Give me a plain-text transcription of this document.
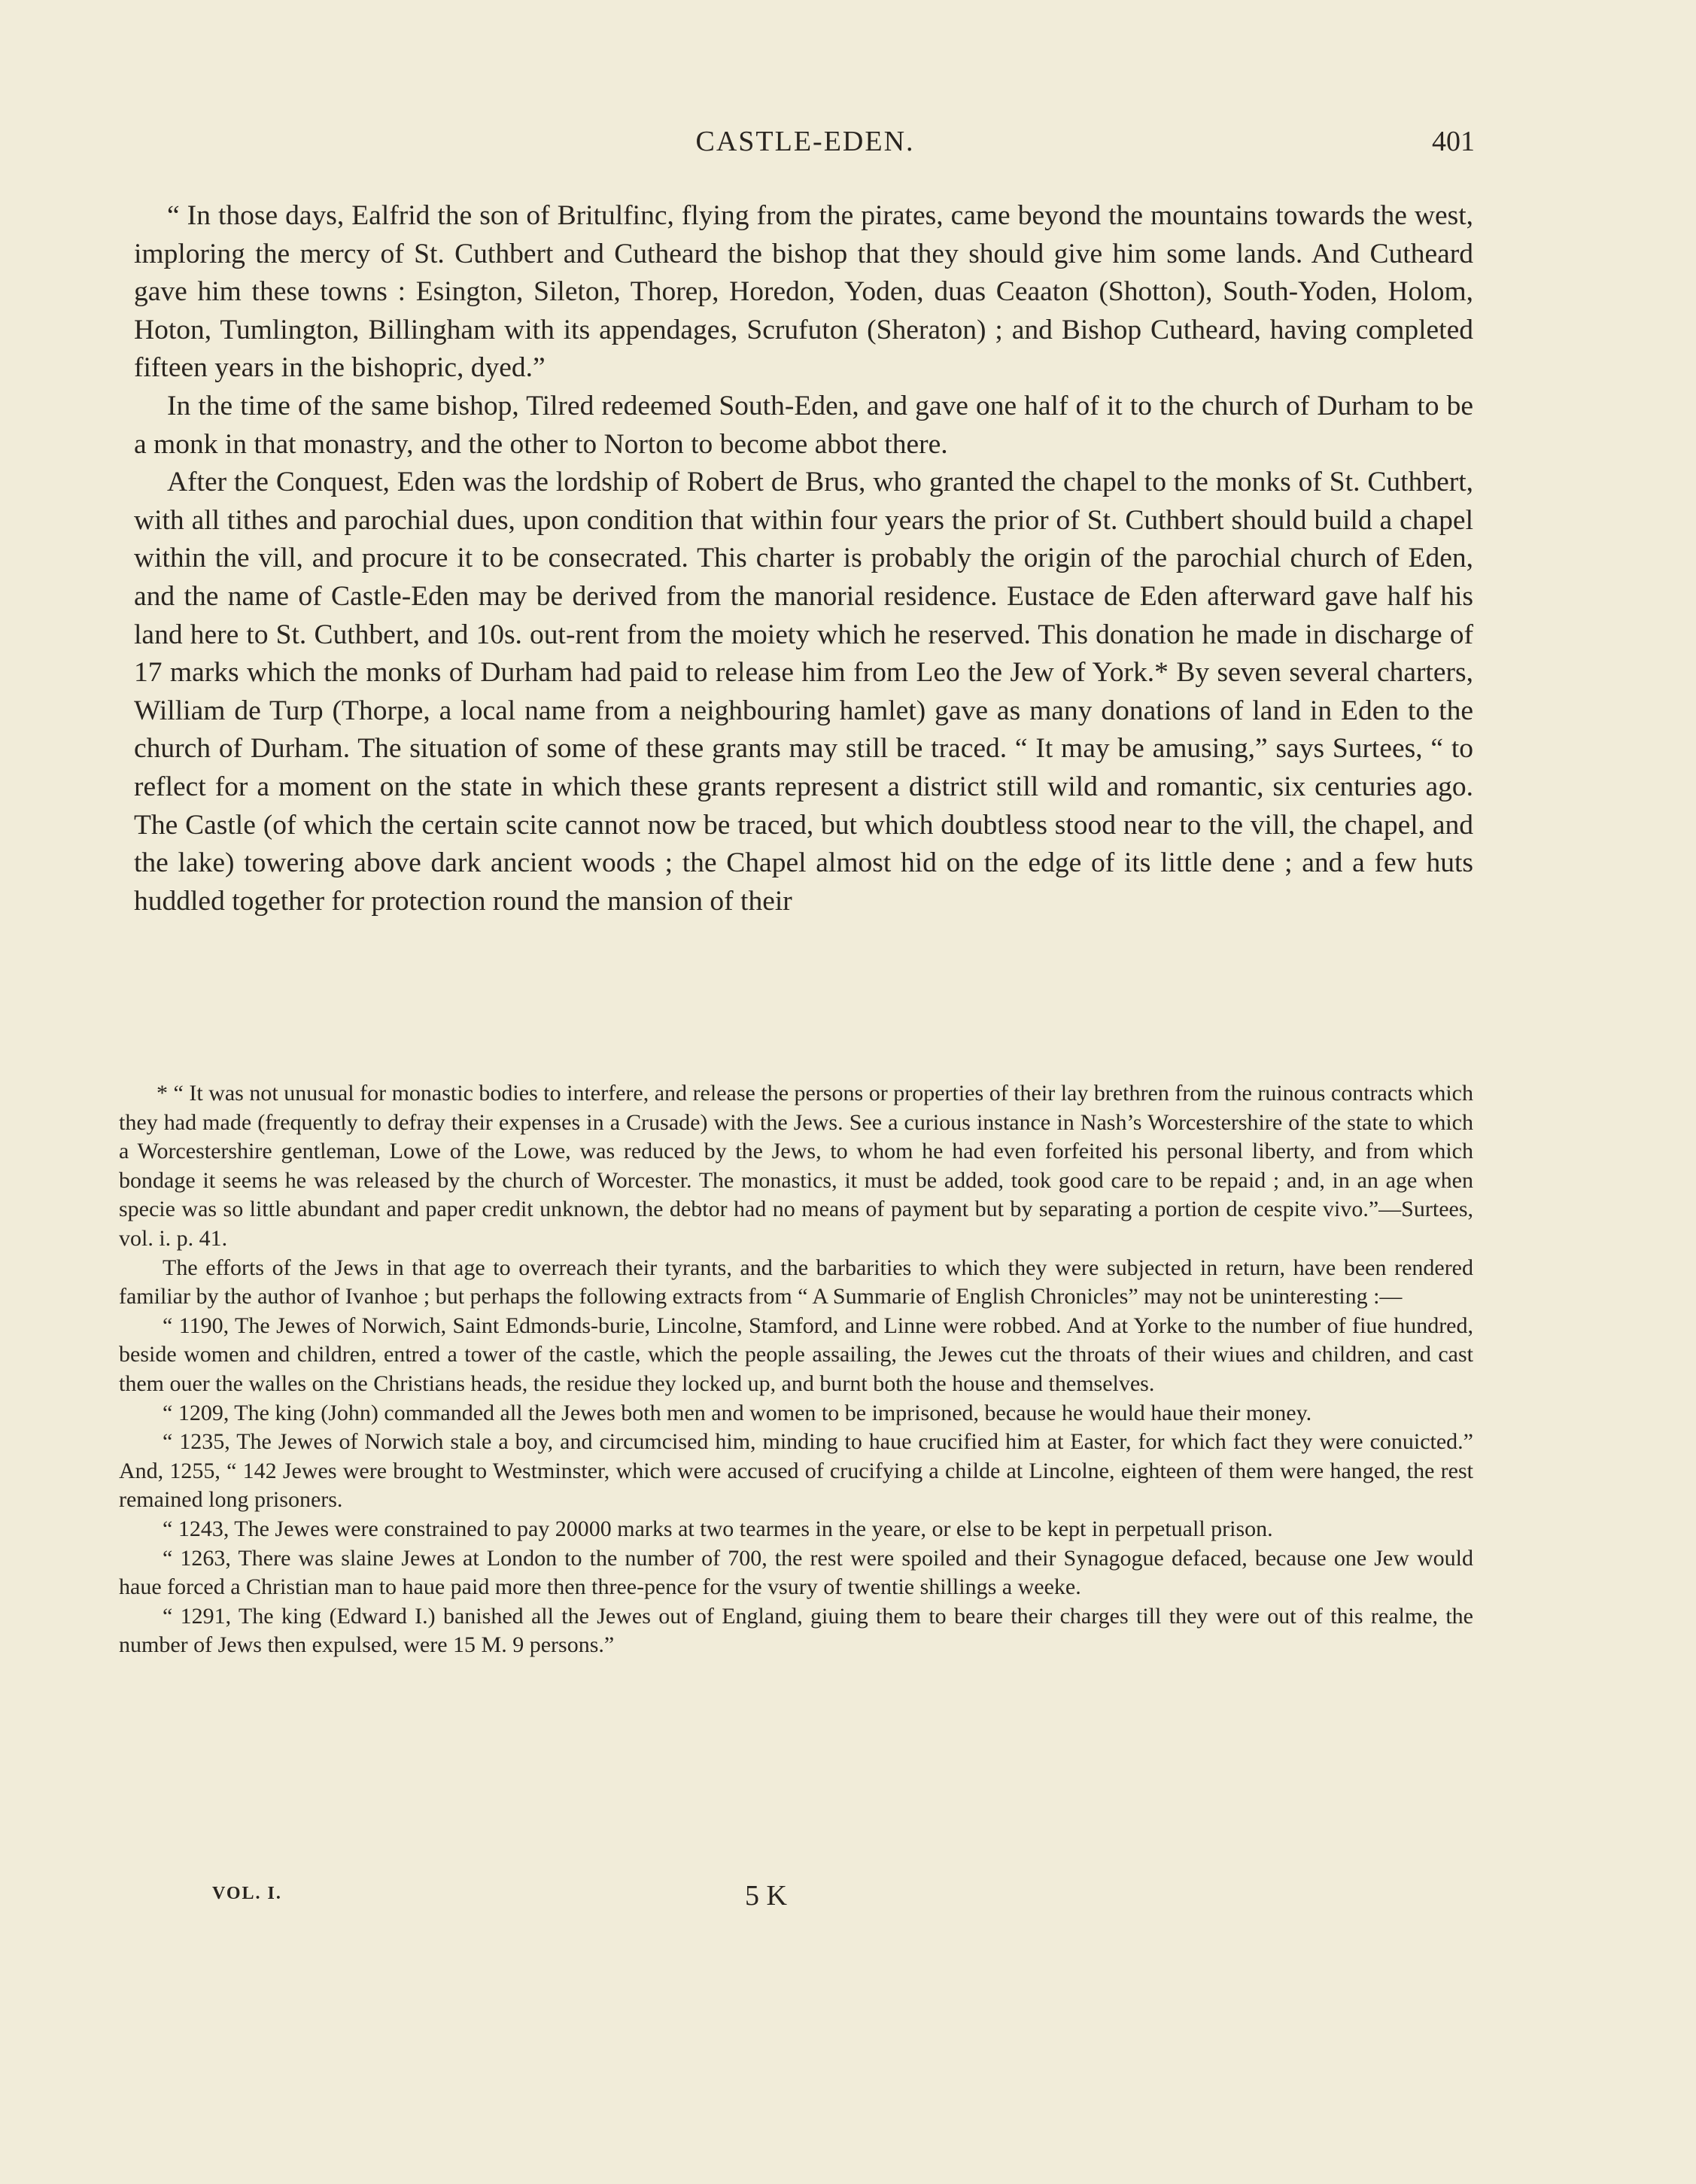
CASTLE-EDEN.	401

“ In those days, Ealfrid the son of Britulfinc, flying from the pirates, came beyond the mountains towards the west, imploring the mercy of St. Cuthbert and Cutheard the bishop that they should give him some lands. And Cutheard gave him these towns : Esington, Sileton, Thorep, Horedon, Yoden, duas Ceaaton (Shotton), South-Yoden, Holom, Hoton, Tumlington, Billingham with its appendages, Scrufuton (Sheraton) ; and Bishop Cutheard, having completed fifteen years in the bishopric, dyed.”

In the time of the same bishop, Tilred redeemed South-Eden, and gave one half of it to the church of Durham to be a monk in that monastry, and the other to Norton to become abbot there.

After the Conquest, Eden was the lordship of Robert de Brus, who granted the chapel to the monks of St. Cuthbert, with all tithes and parochial dues, upon condition that within four years the prior of St. Cuthbert should build a chapel within the vill, and procure it to be consecrated. This charter is probably the origin of the parochial church of Eden, and the name of Castle-Eden may be derived from the manorial residence. Eustace de Eden afterward gave half his land here to St. Cuthbert, and 10s. out-rent from the moiety which he reserved. This donation he made in discharge of 17 marks which the monks of Durham had paid to release him from Leo the Jew of York.* By seven several charters, William de Turp (Thorpe, a local name from a neighbouring hamlet) gave as many donations of land in Eden to the church of Durham. The situation of some of these grants may still be traced. “ It may be amusing,” says Surtees, “ to reflect for a moment on the state in which these grants represent a district still wild and romantic, six centuries ago. The Castle (of which the certain scite cannot now be traced, but which doubtless stood near to the vill, the chapel, and the lake) towering above dark ancient woods ; the Chapel almost hid on the edge of its little dene ; and a few huts huddled together for protection round the mansion of their

* “ It was not unusual for monastic bodies to interfere, and release the persons or properties of their lay brethren from the ruinous contracts which they had made (frequently to defray their expenses in a Crusade) with the Jews. See a curious instance in Nash’s Worcestershire of the state to which a Worcestershire gentleman, Lowe of the Lowe, was reduced by the Jews, to whom he had even forfeited his personal liberty, and from which bondage it seems he was released by the church of Worcester. The monastics, it must be added, took good care to be repaid ; and, in an age when specie was so little abundant and paper credit unknown, the debtor had no means of payment but by separating a portion de cespite vivo.”—Surtees, vol. i. p. 41.

The efforts of the Jews in that age to overreach their tyrants, and the barbarities to which they were subjected in return, have been rendered familiar by the author of Ivanhoe ; but perhaps the following extracts from “ A Summarie of English Chronicles” may not be uninteresting :—

“ 1190, The Jewes of Norwich, Saint Edmonds-burie, Lincolne, Stamford, and Linne were robbed. And at Yorke to the number of fiue hundred, beside women and children, entred a tower of the castle, which the people assailing, the Jewes cut the throats of their wiues and children, and cast them ouer the walles on the Christians heads, the residue they locked up, and burnt both the house and themselves.

“ 1209, The king (John) commanded all the Jewes both men and women to be imprisoned, because he would haue their money.

“ 1235, The Jewes of Norwich stale a boy, and circumcised him, minding to haue crucified him at Easter, for which fact they were conuicted.” And, 1255, “ 142 Jewes were brought to Westminster, which were accused of crucifying a childe at Lincolne, eighteen of them were hanged, the rest remained long prisoners.

“ 1243, The Jewes were constrained to pay 20000 marks at two tearmes in the yeare, or else to be kept in perpetuall prison.

“ 1263, There was slaine Jewes at London to the number of 700, the rest were spoiled and their Synagogue defaced, because one Jew would haue forced a Christian man to haue paid more then three-pence for the vsury of twentie shillings a weeke.

“ 1291, The king (Edward I.) banished all the Jewes out of England, giuing them to beare their charges till they were out of this realme, the number of Jews then expulsed, were 15 M. 9 persons.”

VOL. I.	5 K
